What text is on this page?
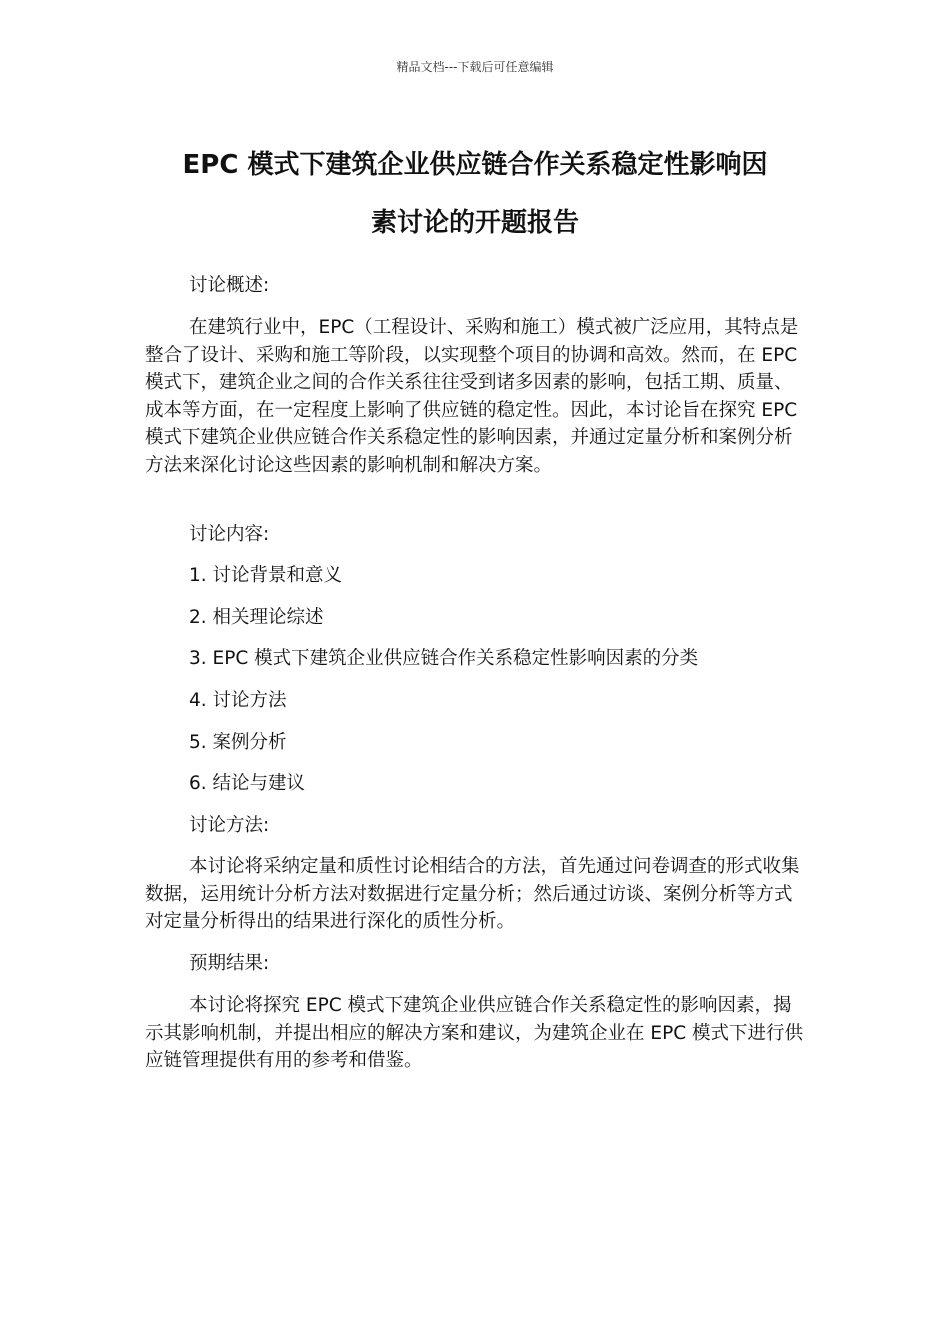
精品文档---下载后可任意编辑
EPC 模式下建筑企业供应链合作关系稳定性影响因
素讨论的开题报告

讨论概述:

在建筑行业中，EPC（工程设计、采购和施工）模式被广泛应用，其特点是整合了设计、采购和施工等阶段，以实现整个项目的协调和高效。然而，在 EPC 模式下，建筑企业之间的合作关系往往受到诸多因素的影响，包括工期、质量、成本等方面，在一定程度上影响了供应链的稳定性。因此，本讨论旨在探究 EPC 模式下建筑企业供应链合作关系稳定性的影响因素，并通过定量分析和案例分析方法来深化讨论这些因素的影响机制和解决方案。

讨论内容:

1. 讨论背景和意义

2. 相关理论综述

3. EPC 模式下建筑企业供应链合作关系稳定性影响因素的分类

4. 讨论方法

5. 案例分析

6. 结论与建议

讨论方法:

本讨论将采纳定量和质性讨论相结合的方法，首先通过问卷调查的形式收集数据，运用统计分析方法对数据进行定量分析；然后通过访谈、案例分析等方式对定量分析得出的结果进行深化的质性分析。

预期结果:

本讨论将探究 EPC 模式下建筑企业供应链合作关系稳定性的影响因素，揭示其影响机制，并提出相应的解决方案和建议，为建筑企业在 EPC 模式下进行供应链管理提供有用的参考和借鉴。
